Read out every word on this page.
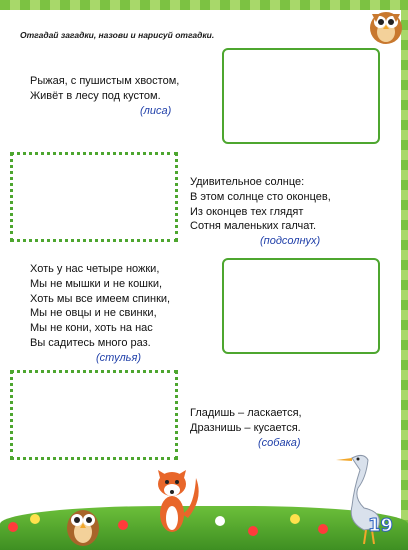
Отгадай загадки, назови и нарисуй отгадки.
Рыжая, с пушистым хвостом,
Живёт в лесу под кустом.
(лиса)
Удивительное солнце:
В этом солнце сто оконцев,
Из оконцев тех глядят
Сотня маленьких галчат.
(подсолнух)
Хоть у нас четыре ножки,
Мы не мышки и не кошки,
Хоть мы все имеем спинки,
Мы не овцы и не свинки,
Мы не кони, хоть на нас
Вы садитесь много раз.
(стулья)
Гладишь – ласкается,
Дразнишь – кусается.
(собака)
19
